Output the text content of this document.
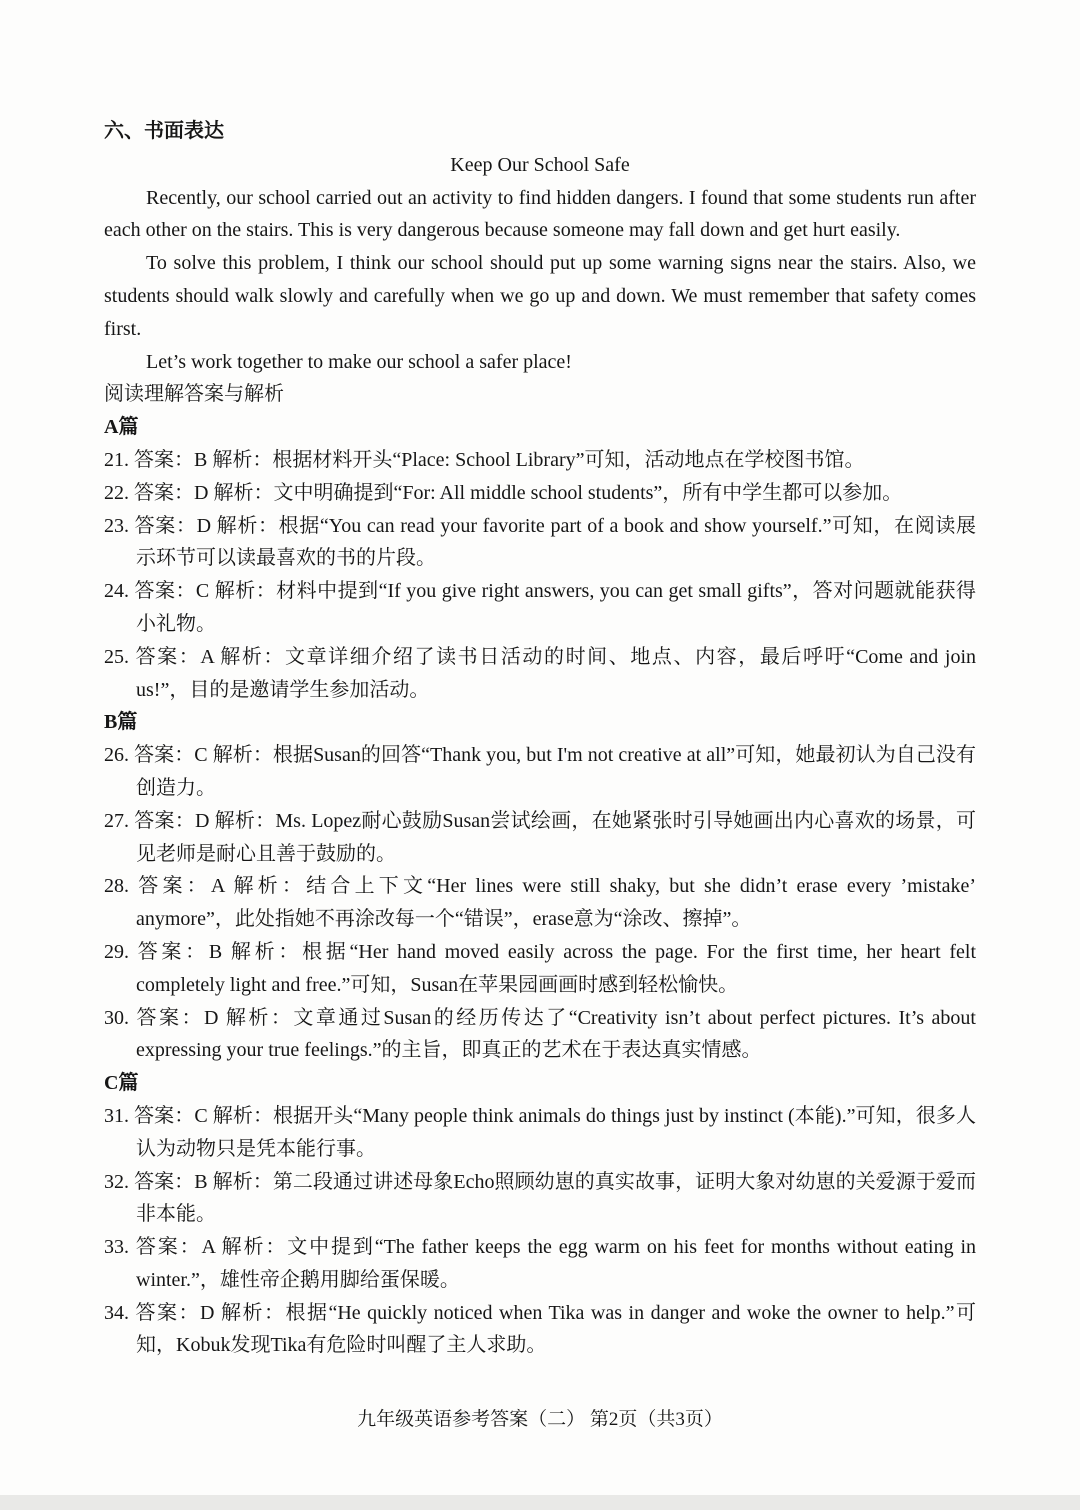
六、书面表达
Keep Our School Safe
Recently, our school carried out an activity to find hidden dangers. I found that some students run after each other on the stairs. This is very dangerous because someone may fall down and get hurt easily.
To solve this problem, I think our school should put up some warning signs near the stairs. Also, we students should walk slowly and carefully when we go up and down. We must remember that safety comes first.
Let’s work together to make our school a safer place!
阅读理解答案与解析
A篇
21. 答案：B 解析：根据材料开头“Place: School Library”可知，活动地点在学校图书馆。
22. 答案：D 解析：文中明确提到“For: All middle school students”，所有中学生都可以参加。
23. 答案：D 解析：根据“You can read your favorite part of a book and show yourself.”可知，在阅读展示环节可以读最喜欢的书的片段。
24. 答案：C 解析：材料中提到“If you give right answers, you can get small gifts”，答对问题就能获得小礼物。
25. 答案：A 解析：文章详细介绍了读书日活动的时间、地点、内容，最后呼吁“Come and join us!”，目的是邀请学生参加活动。
B篇
26. 答案：C 解析：根据Susan的回答“Thank you, but I'm not creative at all”可知，她最初认为自己没有创造力。
27. 答案：D 解析：Ms. Lopez耐心鼓励Susan尝试绘画，在她紧张时引导她画出内心喜欢的场景，可见老师是耐心且善于鼓励的。
28. 答案：A 解析：结合上下文“Her lines were still shaky, but she didn’t erase every ’mistake’ anymore”，此处指她不再涂改每一个“错误”，erase意为“涂改、擦掉”。
29. 答案：B 解析：根据“Her hand moved easily across the page. For the first time, her heart felt completely light and free.”可知，Susan在苹果园画画时感到轻松愉快。
30. 答案：D 解析：文章通过Susan的经历传达了“Creativity isn’t about perfect pictures. It’s about expressing your true feelings.”的主旨，即真正的艺术在于表达真实情感。
C篇
31. 答案：C 解析：根据开头“Many people think animals do things just by instinct (本能).”可知，很多人认为动物只是凭本能行事。
32. 答案：B 解析：第二段通过讲述母象Echo照顾幼崽的真实故事，证明大象对幼崽的关爱源于爱而非本能。
33. 答案：A 解析：文中提到“The father keeps the egg warm on his feet for months without eating in winter.”，雄性帝企鹅用脚给蛋保暖。
34. 答案：D 解析：根据“He quickly noticed when Tika was in danger and woke the owner to help.”可知，Kobuk发现Tika有危险时叫醒了主人求助。
九年级英语参考答案（二） 第2页（共3页）
